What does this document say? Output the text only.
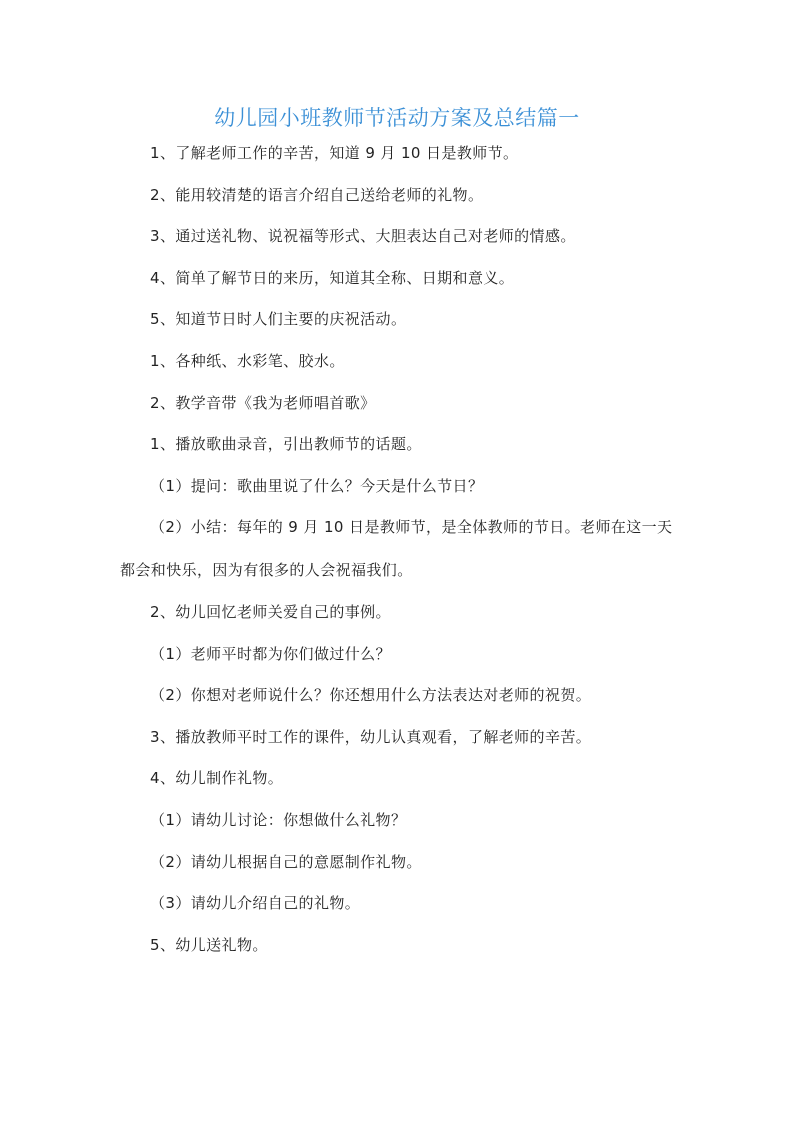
幼儿园小班教师节活动方案及总结篇一

1、了解老师工作的辛苦，知道 9 月 10 日是教师节。

2、能用较清楚的语言介绍自己送给老师的礼物。

3、通过送礼物、说祝福等形式、大胆表达自己对老师的情感。

4、简单了解节日的来历，知道其全称、日期和意义。

5、知道节日时人们主要的庆祝活动。

1、各种纸、水彩笔、胶水。

2、教学音带《我为老师唱首歌》

1、播放歌曲录音，引出教师节的话题。

（1）提问：歌曲里说了什么？今天是什么节日？

（2）小结：每年的 9 月 10 日是教师节，是全体教师的节日。老师在这一天都会和快乐，因为有很多的人会祝福我们。

2、幼儿回忆老师关爱自己的事例。

（1）老师平时都为你们做过什么？

（2）你想对老师说什么？你还想用什么方法表达对老师的祝贺。

3、播放教师平时工作的课件，幼儿认真观看，了解老师的辛苦。

4、幼儿制作礼物。

（1）请幼儿讨论：你想做什么礼物？

（2）请幼儿根据自己的意愿制作礼物。

（3）请幼儿介绍自己的礼物。

5、幼儿送礼物。
